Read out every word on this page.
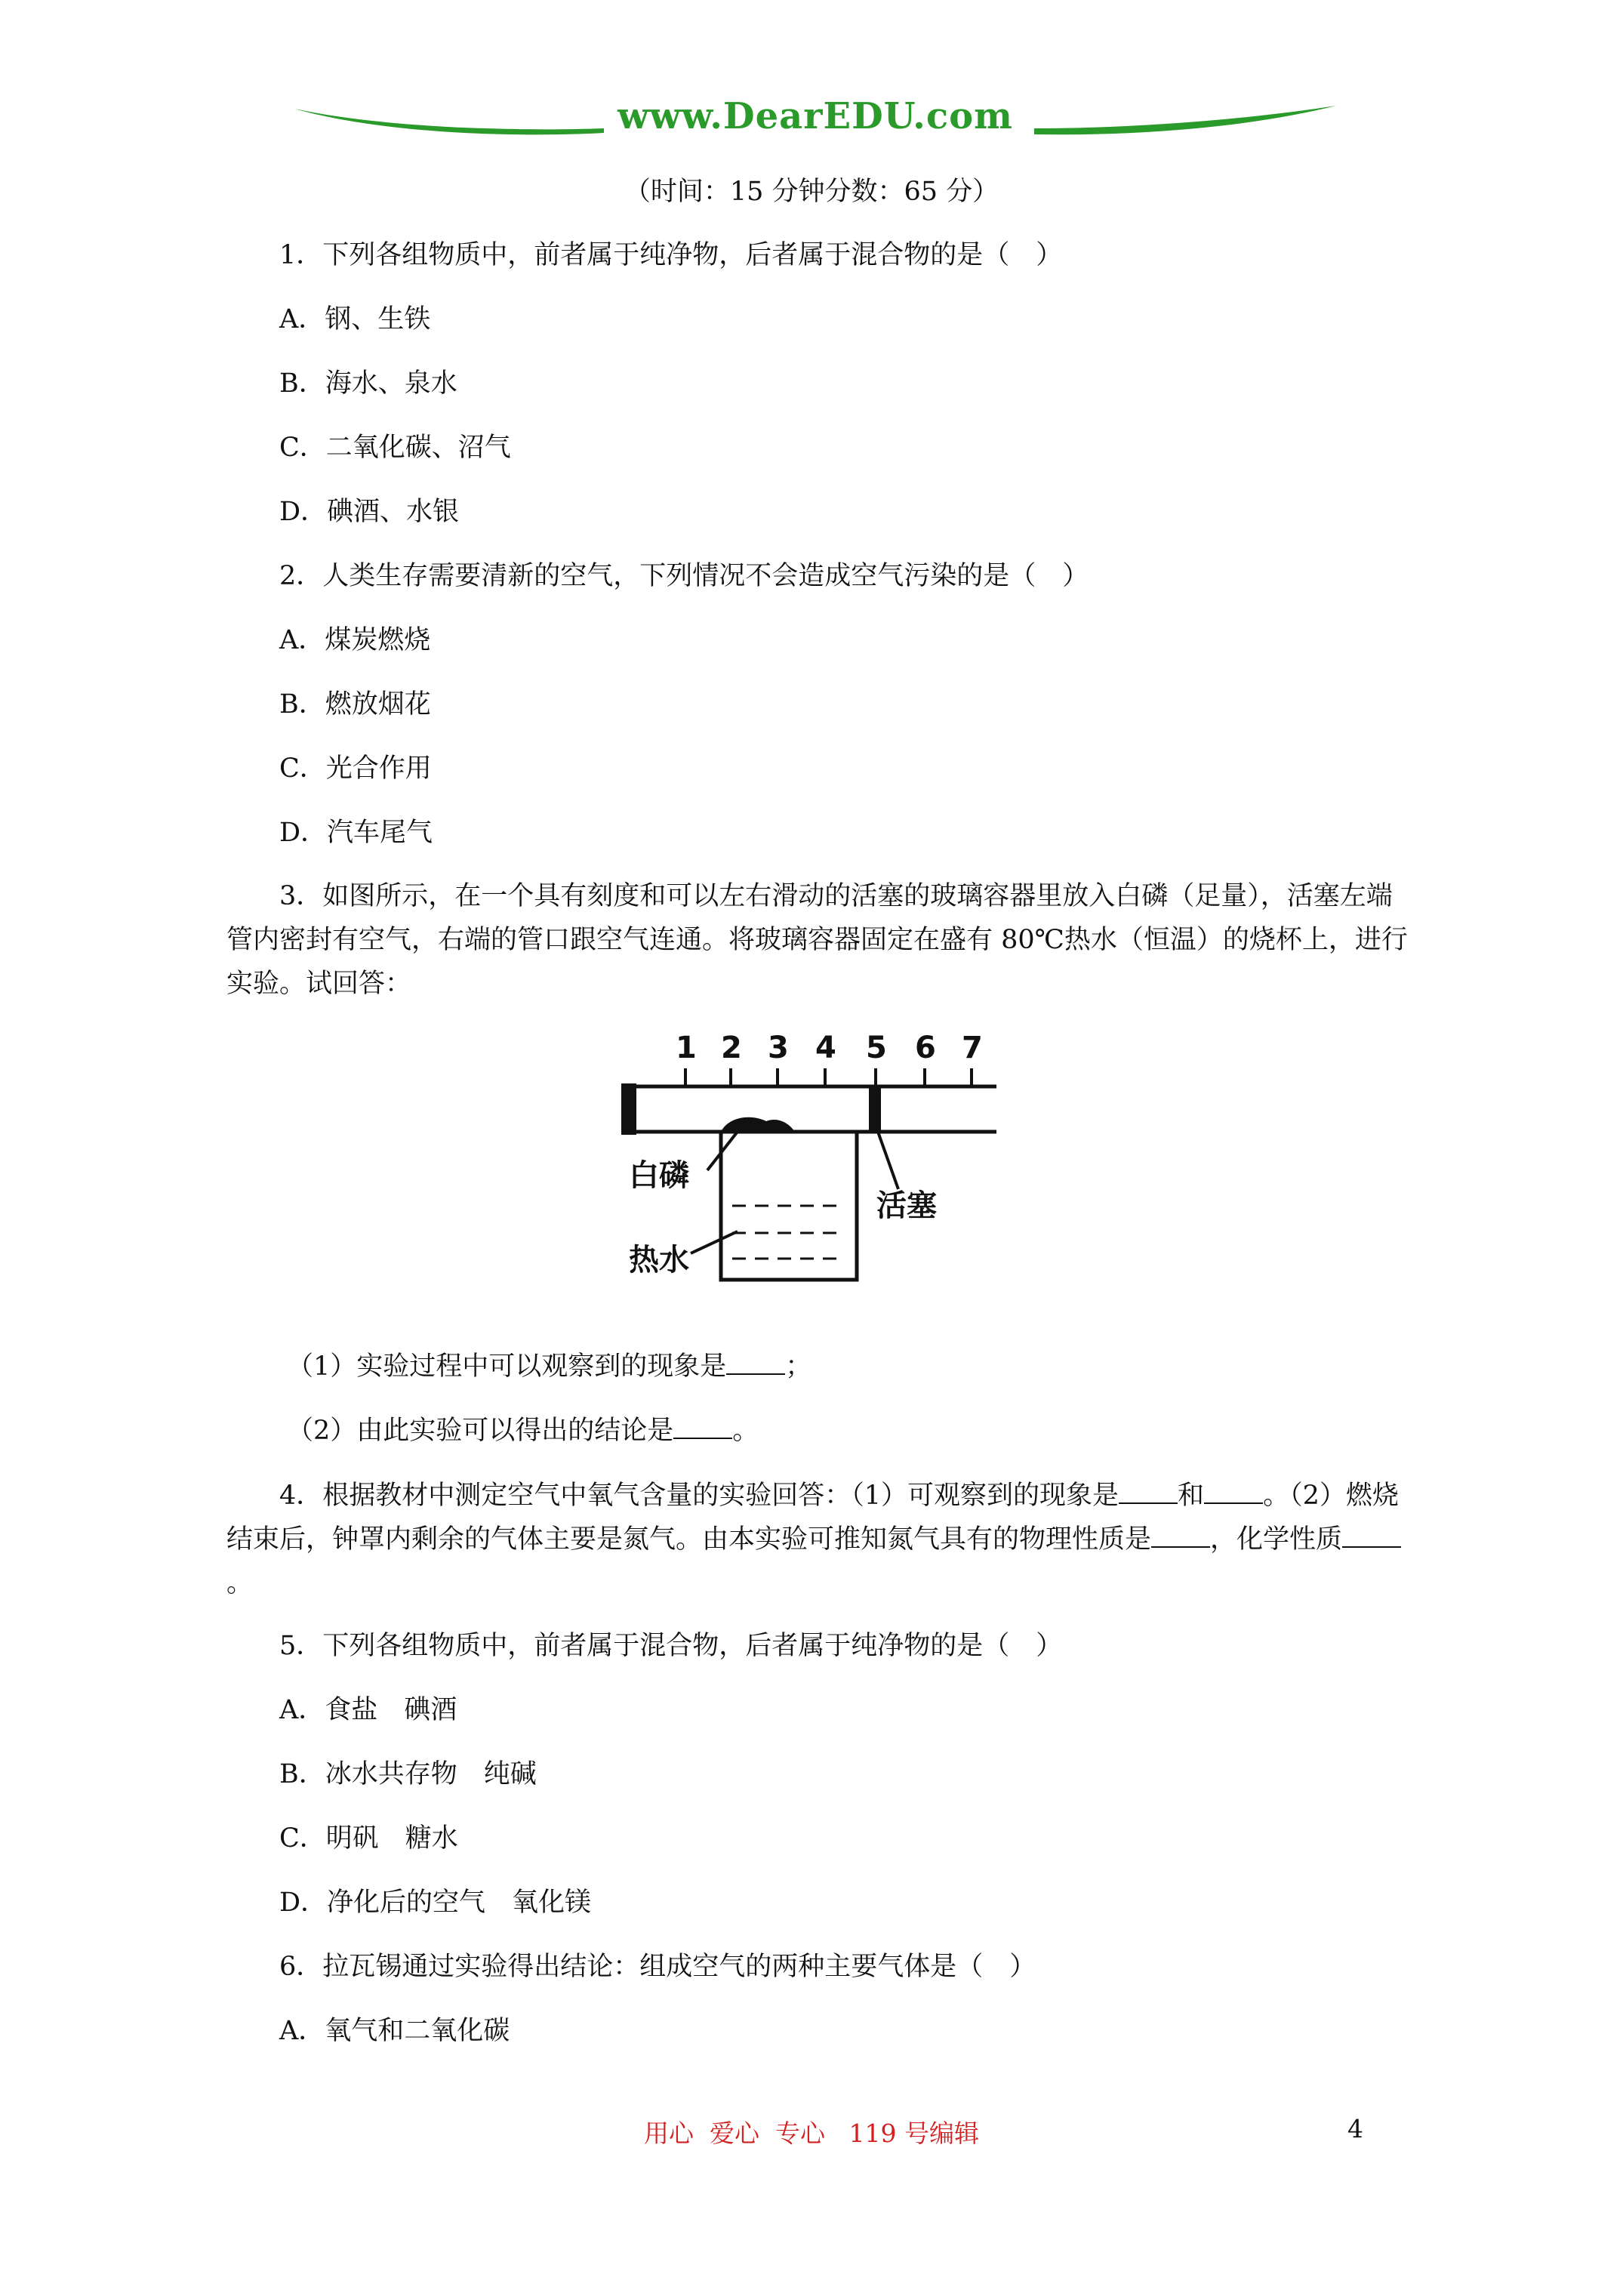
www.DearEDU.com
（时间：15 分钟分数：65 分）
1．下列各组物质中，前者属于纯净物，后者属于混合物的是（　）
A．钢、生铁
B．海水、泉水
C．二氧化碳、沼气
D．碘酒、水银
2．人类生存需要清新的空气，下列情况不会造成空气污染的是（　）
A．煤炭燃烧
B．燃放烟花
C．光合作用
D．汽车尾气
3．如图所示，在一个具有刻度和可以左右滑动的活塞的玻璃容器里放入白磷（足量），活塞左端管内密封有空气，右端的管口跟空气连通。将玻璃容器固定在盛有 80℃热水（恒温）的烧杯上，进行实验。试回答：
1 2 3 4 5 6 7
白磷
活塞
热水
（1）实验过程中可以观察到的现象是 ；
（2）由此实验可以得出的结论是 。
4．根据教材中测定空气中氧气含量的实验回答：（1）可观察到的现象是 和 。（2）燃烧结束后，钟罩内剩余的气体主要是氮气。由本实验可推知氮气具有的物理性质是 ，化学性质。
5．下列各组物质中，前者属于混合物，后者属于纯净物的是（　）
A．食盐　碘酒
B．冰水共存物　纯碱
C．明矾　糖水
D．净化后的空气　氧化镁
6．拉瓦锡通过实验得出结论：组成空气的两种主要气体是（　）
A．氧气和二氧化碳
用心  爱心  专心   119 号编辑	4
